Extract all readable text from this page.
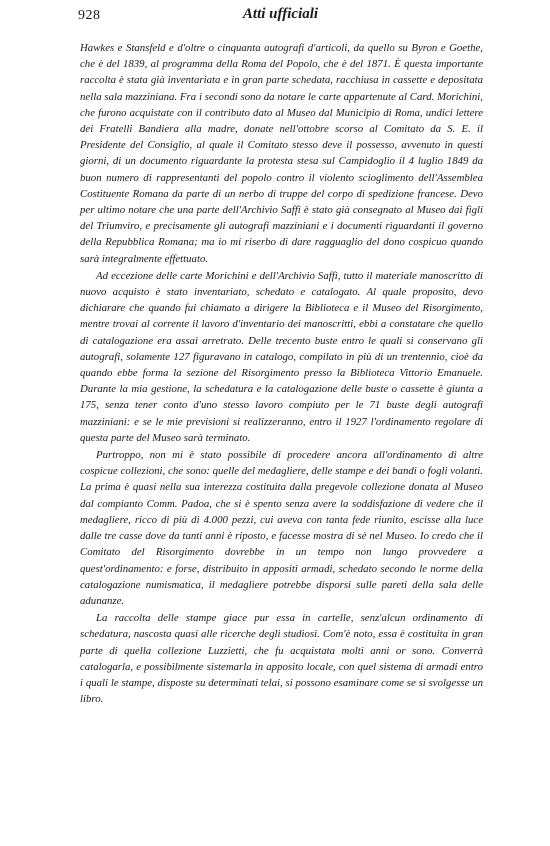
928	Atti ufficiali

Hawkes e Stansfeld e d'oltre o cinquanta autografi d'articoli, da quello su Byron e Goethe, che è del 1839, al programma della Roma del Popolo, che è del 1871. È questa importante raccolta è stata già inventariata e in gran parte schedata, racchiusa in cassette e depositata nella sala mazziniana. Fra i secondi sono da notare le carte appartenute al Card. Morichini, che furono acquistate con il contributo dato al Museo dal Municipio di Roma, undici lettere dei Fratelli Bandiera alla madre, donate nell'ottobre scorso al Comitato da S. E. il Presidente del Consiglio, al quale il Comitato stesso deve il possesso, avvenuto in questi giorni, di un documento riguardante la protesta stesa sul Campidoglio il 4 luglio 1849 da buon numero di rappresentanti del popolo contro il violento scioglimento dell'Assemblea Costituente Romana da parte di un nerbo di truppe del corpo di spedizione francese. Devo per ultimo notare che una parte dell'Archivio Saffi è stato già consegnato al Museo dai figli del Triumviro, e precisamente gli autografi mazziniani e i documenti riguardanti il governo della Repubblica Romana; ma io mi riserbo di dare ragguaglio del dono cospicuo quando sarà integralmente effettuato.

Ad eccezione delle carte Morichini e dell'Archivio Saffi, tutto il materiale manoscritto di nuovo acquisto è stato inventariato, schedato e catalogato. Al quale proposito, devo dichiarare che quando fui chiamato a dirigere la Biblioteca e il Museo del Risorgimento, mentre trovai al corrente il lavoro d'inventario dei manoscritti, ebbi a constatare che quello di catalogazione era assai arretrato. Delle trecento buste entro le quali si conservano gli autografi, solamente 127 figuravano in catalogo, compilato in più di un trentennio, cioè da quando ebbe forma la sezione del Risorgimento presso la Biblioteca Vittorio Emanuele. Durante la mia gestione, la schedatura e la catalogazione delle buste o cassette è giunta a 175, senza tener conto d'uno stesso lavoro compiuto per le 71 buste degli autografi mazziniani: e se le mie previsioni si realizzeranno, entro il 1927 l'ordinamento regolare di questa parte del Museo sarà terminato.

Purtroppo, non mi è stato possibile di procedere ancora all'ordinamento di altre cospicue collezioni, che sono: quelle del medagliere, delle stampe e dei bandi o fogli volanti. La prima è quasi nella sua interezza costituita dalla pregevole collezione donata al Museo dal compianto Comm. Padoa, che si è spento senza avere la soddisfazione di vedere che il medagliere, ricco di più di 4.000 pezzi, cui aveva con tanta fede riunito, escisse alla luce dalle tre casse dove da tanti anni è riposto, e facesse mostra di sè nel Museo. Io credo che il Comitato del Risorgimento dovrebbe in un tempo non lungo provvedere a quest'ordinamento: e forse, distribuito in appositi armadi, schedato secondo le norme della catalogazione numismatica, il medagliere potrebbe disporsi sulle pareti della sala delle adunanze.

La raccolta delle stampe giace pur essa in cartelle, senz'alcun ordinamento di schedatura, nascosta quasi alle ricerche degli studiosi. Com'è noto, essa è costituita in gran parte di quella collezione Luzzietti, che fu acquistata molti anni or sono. Converrà catalogarla, e possibilmente sistemarla in apposito locale, con quel sistema di armadi entro i quali le stampe, disposte su determinati telai, si possono esaminare come se si svolgesse un libro.
